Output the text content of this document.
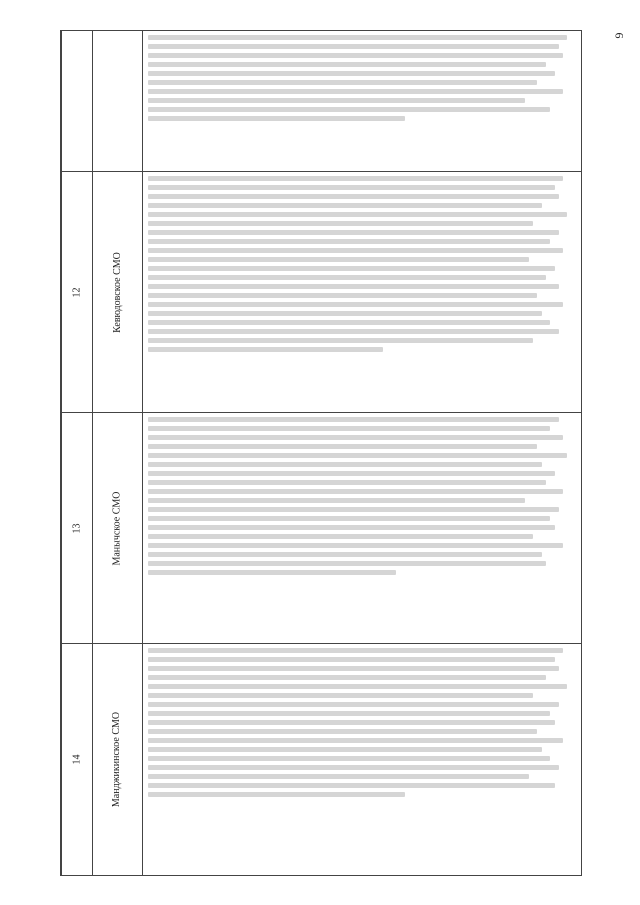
6
12	Кевюдовское СМО
13	Манычское СМО
14	Манджикинское СМО
